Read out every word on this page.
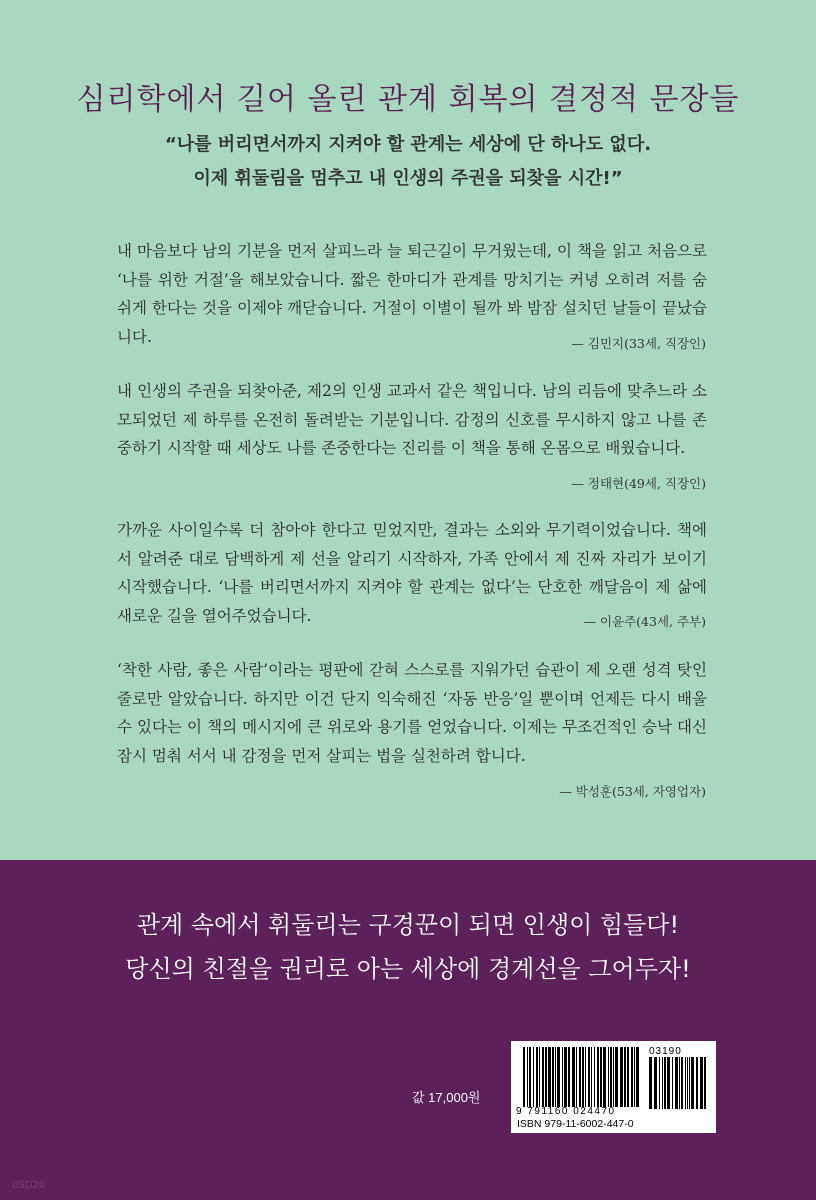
심리학에서 길어 올린 관계 회복의 결정적 문장들
“나를 버리면서까지 지켜야 할 관계는 세상에 단 하나도 없다.
이제 휘둘림을 멈추고 내 인생의 주권을 되찾을 시간!”

내 마음보다 남의 기분을 먼저 살피느라 늘 퇴근길이 무거웠는데, 이 책을 읽고 처음으로 ‘나를 위한 거절’을 해보았습니다. 짧은 한마디가 관계를 망치기는 커녕 오히려 저를 숨 쉬게 한다는 것을 이제야 깨닫습니다. 거절이 이별이 될까 봐 밤잠 설치던 날들이 끝났습니다.	— 김민지(33세, 직장인)

내 인생의 주권을 되찾아준, 제2의 인생 교과서 같은 책입니다. 남의 리듬에 맞추느라 소모되었던 제 하루를 온전히 돌려받는 기분입니다. 감정의 신호를 무시하지 않고 나를 존중하기 시작할 때 세상도 나를 존중한다는 진리를 이 책을 통해 온몸으로 배웠습니다.

— 정태현(49세, 직장인)

가까운 사이일수록 더 참아야 한다고 믿었지만, 결과는 소외와 무기력이었습니다. 책에서 알려준 대로 담백하게 제 선을 알리기 시작하자, 가족 안에서 제 진짜 자리가 보이기 시작했습니다. ‘나를 버리면서까지 지켜야 할 관계는 없다’는 단호한 깨달음이 제 삶에 새로운 길을 열어주었습니다.	— 이윤주(43세, 주부)

‘착한 사람, 좋은 사람’이라는 평판에 갇혀 스스로를 지워가던 습관이 제 오랜 성격 탓인 줄로만 알았습니다. 하지만 이건 단지 익숙해진 ‘자동 반응’일 뿐이며 언제든 다시 배울 수 있다는 이 책의 메시지에 큰 위로와 용기를 얻었습니다. 이제는 무조건적인 승낙 대신 잠시 멈춰 서서 내 감정을 먼저 살피는 법을 실천하려 합니다.

— 박성훈(53세, 자영업자)
관계 속에서 휘둘리는 구경꾼이 되면 인생이 힘들다!
당신의 친절을 권리로 아는 세상에 경계선을 그어두자!
값 17,000원
03190
9 791160 024470
ISBN 979-11-6002-447-0
0SD20
